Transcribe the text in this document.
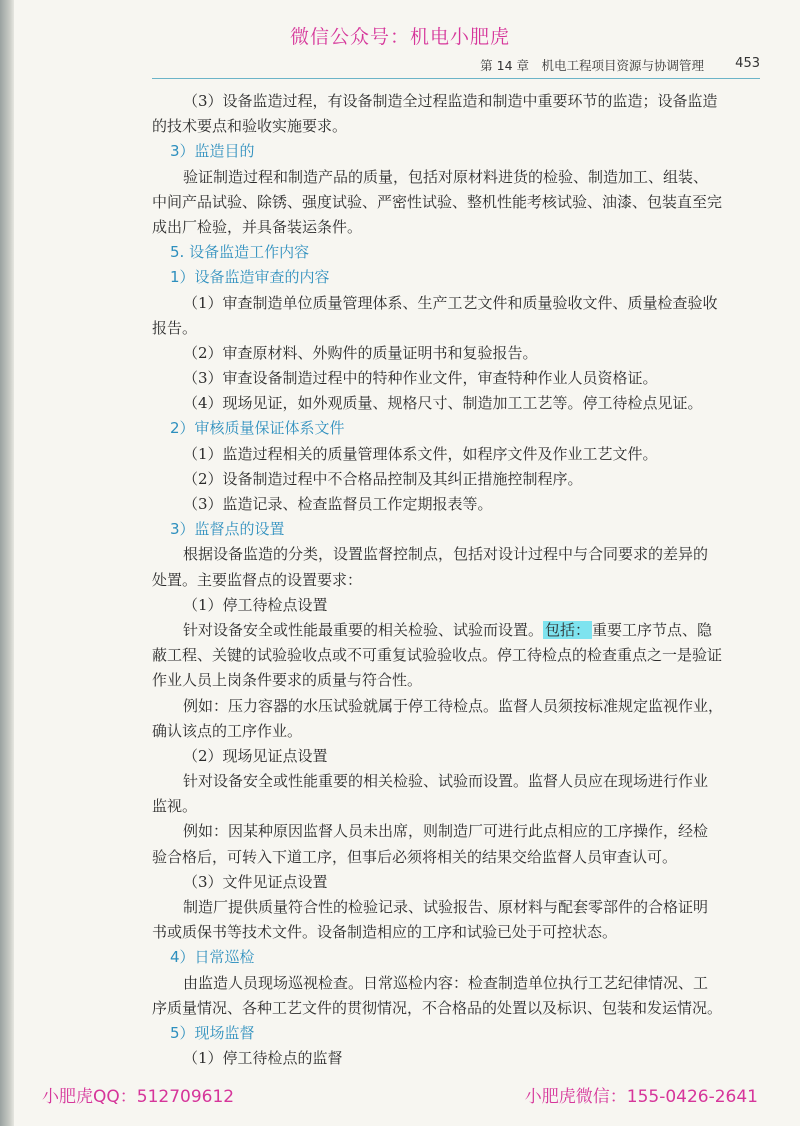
微信公众号：机电小肥虎
第 14 章　机电工程项目资源与协调管理 453
（3）设备监造过程，有设备制造全过程监造和制造中重要环节的监造；设备监造
的技术要点和验收实施要求。
3）监造目的
验证制造过程和制造产品的质量，包括对原材料进货的检验、制造加工、组装、
中间产品试验、除锈、强度试验、严密性试验、整机性能考核试验、油漆、包装直至完
成出厂检验，并具备装运条件。
5. 设备监造工作内容
1）设备监造审查的内容
（1）审查制造单位质量管理体系、生产工艺文件和质量验收文件、质量检查验收
报告。
（2）审查原材料、外购件的质量证明书和复验报告。
（3）审查设备制造过程中的特种作业文件，审查特种作业人员资格证。
（4）现场见证，如外观质量、规格尺寸、制造加工工艺等。停工待检点见证。
2）审核质量保证体系文件
（1）监造过程相关的质量管理体系文件，如程序文件及作业工艺文件。
（2）设备制造过程中不合格品控制及其纠正措施控制程序。
（3）监造记录、检查监督员工作定期报表等。
3）监督点的设置
根据设备监造的分类，设置监督控制点，包括对设计过程中与合同要求的差异的
处置。主要监督点的设置要求：
（1）停工待检点设置
针对设备安全或性能最重要的相关检验、试验而设置。 包括： 重要工序节点、隐
蔽工程、关键的试验验收点或不可重复试验验收点。停工待检点的检查重点之一是验证
作业人员上岗条件要求的质量与符合性。
例如：压力容器的水压试验就属于停工待检点。监督人员须按标准规定监视作业，
确认该点的工序作业。
（2）现场见证点设置
针对设备安全或性能重要的相关检验、试验而设置。监督人员应在现场进行作业
监视。
例如：因某种原因监督人员未出席，则制造厂可进行此点相应的工序操作，经检
验合格后，可转入下道工序，但事后必须将相关的结果交给监督人员审查认可。
（3）文件见证点设置
制造厂提供质量符合性的检验记录、试验报告、原材料与配套零部件的合格证明
书或质保书等技术文件。设备制造相应的工序和试验已处于可控状态。
4）日常巡检
由监造人员现场巡视检查。日常巡检内容：检查制造单位执行工艺纪律情况、工
序质量情况、各种工艺文件的贯彻情况，不合格品的处置以及标识、包装和发运情况。
5）现场监督
（1）停工待检点的监督
小肥虎QQ：512709612	小肥虎微信：155-0426-2641
